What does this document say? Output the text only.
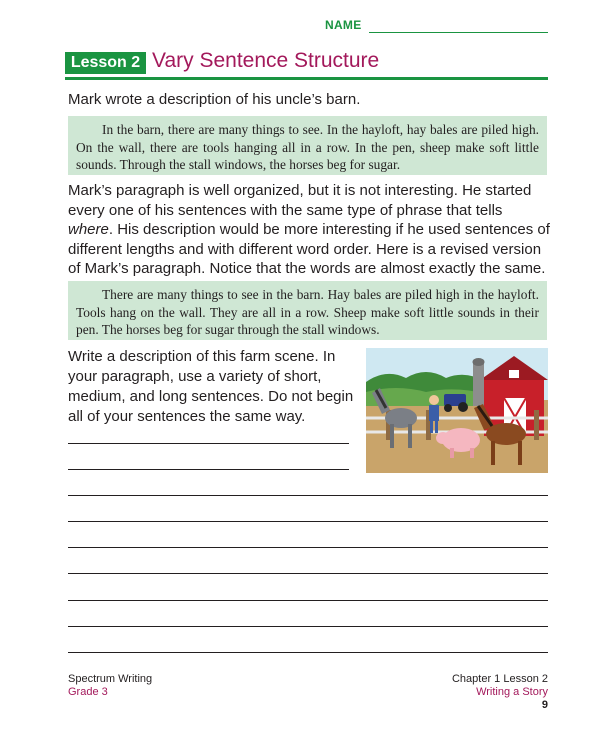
NAME
Lesson 2 Vary Sentence Structure
Mark wrote a description of his uncle’s barn.

In the barn, there are many things to see. In the hayloft, hay bales are piled high. On the wall, there are tools hanging all in a row. In the pen, sheep make soft little sounds. Through the stall windows, the horses beg for sugar.

Mark’s paragraph is well organized, but it is not interesting. He started every one of his sentences with the same type of phrase that tells where. His description would be more interesting if he used sentences of different lengths and with different word order. Here is a revised version of Mark’s paragraph. Notice that the words are almost exactly the same.

There are many things to see in the barn. Hay bales are piled high in the hayloft. Tools hang on the wall. They are all in a row. Sheep make soft little sounds in their pen. The horses beg for sugar through the stall windows.

Write a description of this farm scene. In your paragraph, use a variety of short, medium, and long sentences. Do not begin all of your sentences the same way.
Spectrum Writing
Grade 3
Chapter 1 Lesson 2
Writing a Story
9
